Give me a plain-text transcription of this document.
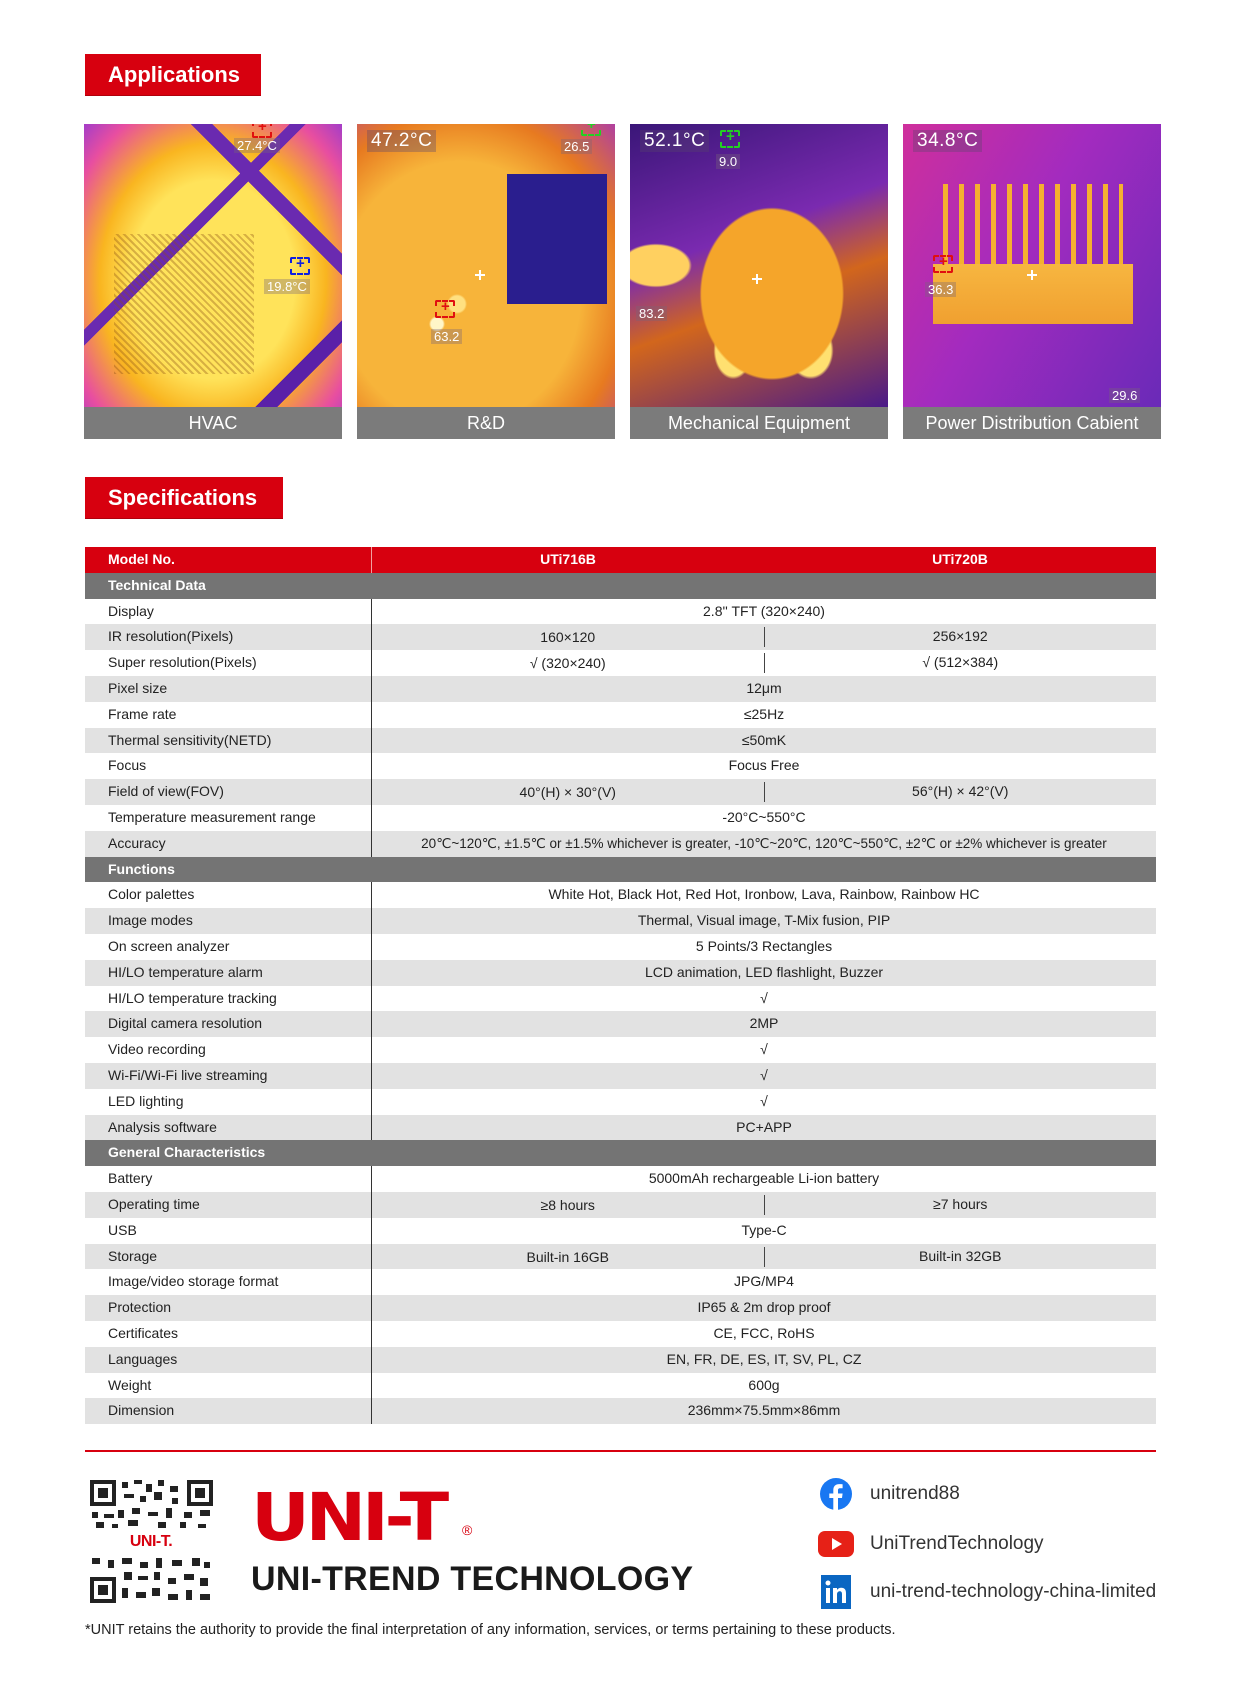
Applications
+
27.4°C
+
19.8°C
HVAC
47.2°C
+	26.5
+
63.2
R&D
52.1°C
+
9.0
83.2
Mechanical Equipment
34.8°C
+
36.3
29.6
Power Distribution Cabient
Specifications
Model No.	UTi716B	UTi720B
Technical Data
Display	2.8'' TFT (320×240)
IR resolution(Pixels)	160×120	256×192
Super resolution(Pixels)	√ (320×240)	√ (512×384)
Pixel size	12μm
Frame rate	≤25Hz
Thermal sensitivity(NETD)	≤50mK
Focus	Focus Free
Field of view(FOV)	40°(H) × 30°(V)	56°(H) × 42°(V)
Temperature measurement range	-20°C~550°C
Accuracy	20℃~120℃, ±1.5℃ or ±1.5% whichever is greater, -10℃~20℃, 120℃~550℃, ±2℃ or ±2% whichever is greater
Functions
Color palettes	White Hot, Black Hot, Red Hot, Ironbow, Lava, Rainbow, Rainbow HC
Image modes	Thermal, Visual image, T-Mix fusion, PIP
On screen analyzer	5 Points/3 Rectangles
HI/LO temperature alarm	LCD animation, LED flashlight, Buzzer
HI/LO temperature tracking	√
Digital camera resolution	2MP
Video recording	√
Wi-Fi/Wi-Fi live streaming	√
LED lighting	√
Analysis software	PC+APP
General Characteristics
Battery	5000mAh rechargeable Li-ion battery
Operating time	≥8 hours	≥7 hours
USB	Type-C
Storage	Built-in 16GB	Built-in 32GB
Image/video storage format	JPG/MP4
Protection	IP65 & 2m drop proof
Certificates	CE, FCC, RoHS
Languages	EN, FR, DE, ES, IT, SV, PL, CZ
Weight	600g
Dimension	236mm×75.5mm×86mm
UNI-T.	UNI-T ®
UNI-TREND TECHNOLOGY
unitrend88
UniTrendTechnology
uni-trend-technology-china-limited
*UNIT retains the authority to provide the final interpretation of any information, services, or terms pertaining to these products.
